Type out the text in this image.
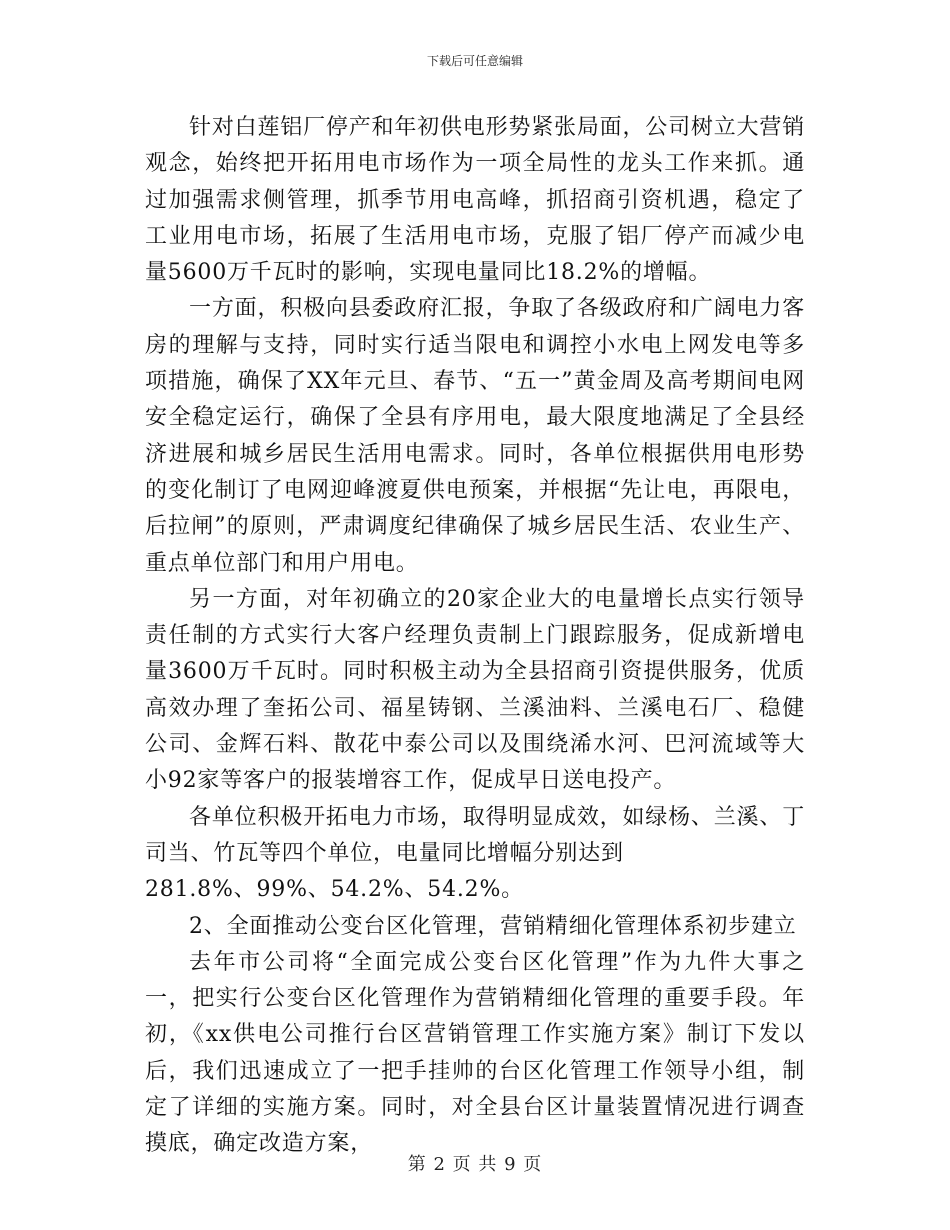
下载后可任意编辑

针对白莲铝厂停产和年初供电形势紧张局面，公司树立大营销观念，始终把开拓用电市场作为一项全局性的龙头工作来抓。通过加强需求侧管理，抓季节用电高峰，抓招商引资机遇，稳定了工业用电市场，拓展了生活用电市场，克服了铝厂停产而减少电量5600万千瓦时的影响，实现电量同比18.2%的增幅。

一方面，积极向县委政府汇报，争取了各级政府和广阔电力客房的理解与支持，同时实行适当限电和调控小水电上网发电等多项措施，确保了XX年元旦、春节、“五一”黄金周及高考期间电网安全稳定运行，确保了全县有序用电，最大限度地满足了全县经济进展和城乡居民生活用电需求。同时，各单位根据供用电形势的变化制订了电网迎峰渡夏供电预案，并根据“先让电，再限电，后拉闸”的原则，严肃调度纪律确保了城乡居民生活、农业生产、重点单位部门和用户用电。

另一方面，对年初确立的20家企业大的电量增长点实行领导责任制的方式实行大客户经理负责制上门跟踪服务，促成新增电量3600万千瓦时。同时积极主动为全县招商引资提供服务，优质高效办理了奎拓公司、福星铸钢、兰溪油料、兰溪电石厂、稳健公司、金辉石料、散花中泰公司以及围绕浠水河、巴河流域等大小92家等客户的报装增容工作，促成早日送电投产。

各单位积极开拓电力市场，取得明显成效，如绿杨、兰溪、丁司当、竹瓦等四个单位，电量同比增幅分别达到

281.8%、99%、54.2%、54.2%。

2、全面推动公变台区化管理，营销精细化管理体系初步建立

去年市公司将“全面完成公变台区化管理”作为九件大事之一，把实行公变台区化管理作为营销精细化管理的重要手段。年初，《xx供电公司推行台区营销管理工作实施方案》制订下发以后，我们迅速成立了一把手挂帅的台区化管理工作领导小组，制定了详细的实施方案。同时，对全县台区计量装置情况进行调查摸底，确定改造方案，

第 2 页 共 9 页
